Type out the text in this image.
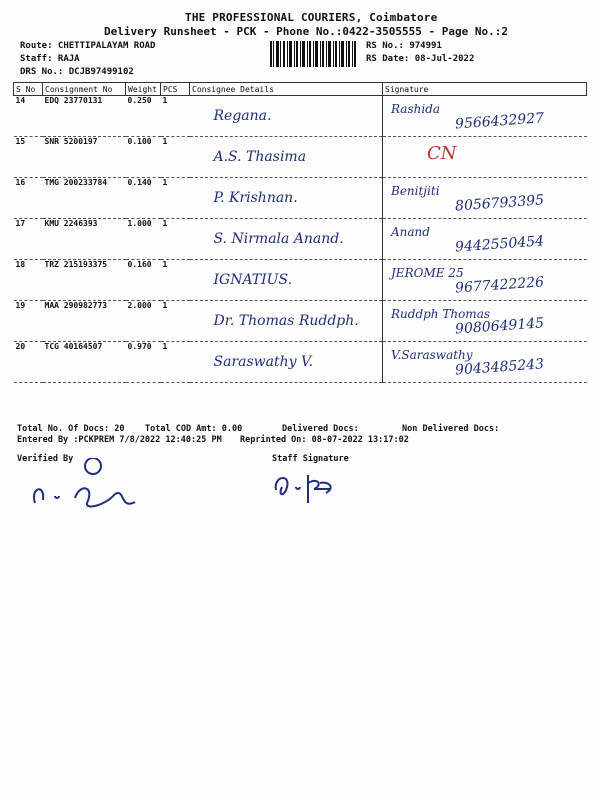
THE PROFESSIONAL COURIERS, Coimbatore
Delivery Runsheet - PCK - Phone No.:0422-3505555 - Page No.:2
Route: CHETTIPALAYAM ROAD
Staff: RAJA
DRS No.: DCJB97499102
RS No.: 974991
RS Date: 08-Jul-2022
S No	Consignment No	Weight	PCS	Consignee Details	Signature
14	EDQ 23770131	0.250	1	Regana.	Rashida
9566432927

15	SNR 5200197	0.100	1	A.S. Thasima	CN

16	TMG 200233784	0.140	1	P. Krishnan.	Benitjiti
8056793395

17	KMU 2246393	1.000	1	S. Nirmala Anand.	Anand
9442550454

18	TRZ 215193375	0.160	1	IGNATIUS.	JEROME 25
9677422226

19	MAA 290982773	2.000	1	Dr. Thomas Ruddph.	Ruddph Thomas
9080649145

20	TCG 40164507	0.970	1	Saraswathy V.	V.Saraswathy
9043485243
Total No. Of Docs: 20 Total COD Amt: 0.00	Delivered Docs:	Non Delivered Docs:
Entered By :PCKPREM 7/8/2022 12:40:25 PM Reprinted On: 08-07-2022 13:17:02
Verified By	Staff Signature
